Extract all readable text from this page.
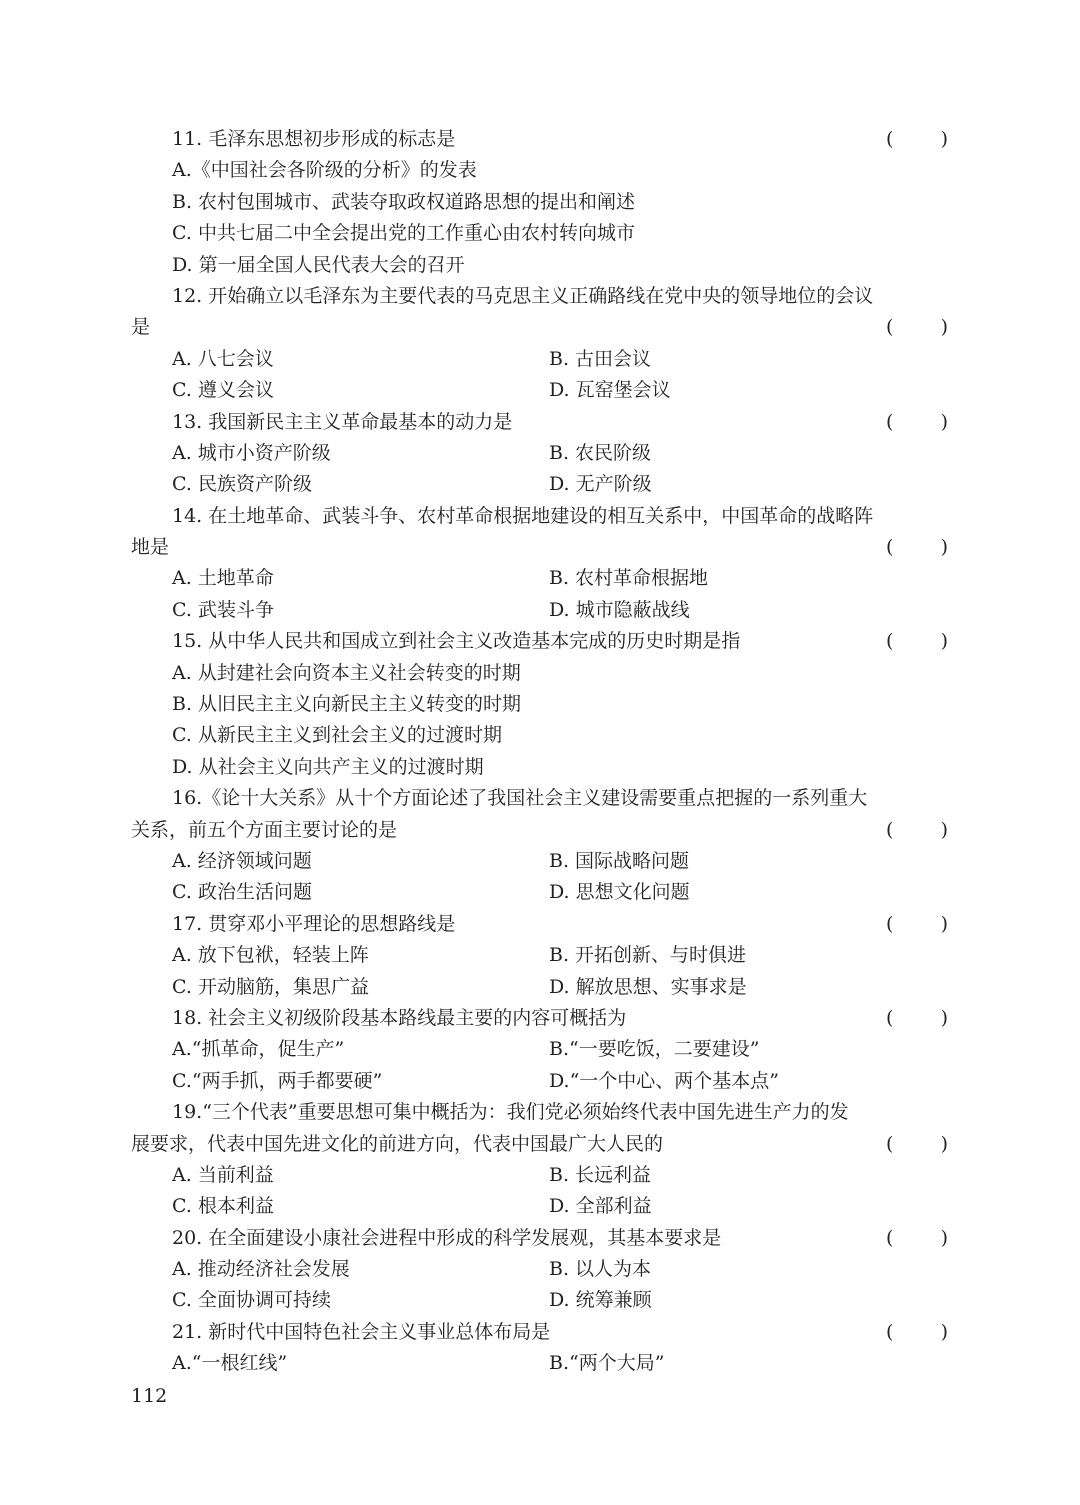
11. 毛泽东思想初步形成的标志是	( )
A.《中国社会各阶级的分析》的发表
B. 农村包围城市、武装夺取政权道路思想的提出和阐述
C. 中共七届二中全会提出党的工作重心由农村转向城市
D. 第一届全国人民代表大会的召开
12. 开始确立以毛泽东为主要代表的马克思主义正确路线在党中央的领导地位的会议
是	( )
A. 八七会议	B. 古田会议
C. 遵义会议	D. 瓦窑堡会议
13. 我国新民主主义革命最基本的动力是	( )
A. 城市小资产阶级	B. 农民阶级
C. 民族资产阶级	D. 无产阶级
14. 在土地革命、武装斗争、农村革命根据地建设的相互关系中，中国革命的战略阵
地是	( )
A. 土地革命	B. 农村革命根据地
C. 武装斗争	D. 城市隐蔽战线
15. 从中华人民共和国成立到社会主义改造基本完成的历史时期是指	( )
A. 从封建社会向资本主义社会转变的时期
B. 从旧民主主义向新民主主义转变的时期
C. 从新民主主义到社会主义的过渡时期
D. 从社会主义向共产主义的过渡时期
16.《论十大关系》从十个方面论述了我国社会主义建设需要重点把握的一系列重大
关系，前五个方面主要讨论的是	( )
A. 经济领域问题	B. 国际战略问题
C. 政治生活问题	D. 思想文化问题
17. 贯穿邓小平理论的思想路线是	( )
A. 放下包袱，轻装上阵	B. 开拓创新、与时俱进
C. 开动脑筋，集思广益	D. 解放思想、实事求是
18. 社会主义初级阶段基本路线最主要的内容可概括为	( )
A.“抓革命，促生产”	B.“一要吃饭，二要建设”
C.“两手抓，两手都要硬”	D.“一个中心、两个基本点”
19.“三个代表”重要思想可集中概括为：我们党必须始终代表中国先进生产力的发
展要求，代表中国先进文化的前进方向，代表中国最广大人民的	( )
A. 当前利益	B. 长远利益
C. 根本利益	D. 全部利益
20. 在全面建设小康社会进程中形成的科学发展观，其基本要求是	( )
A. 推动经济社会发展	B. 以人为本
C. 全面协调可持续	D. 统筹兼顾
21. 新时代中国特色社会主义事业总体布局是	( )
A.“一根红线”	B.“两个大局”
112
